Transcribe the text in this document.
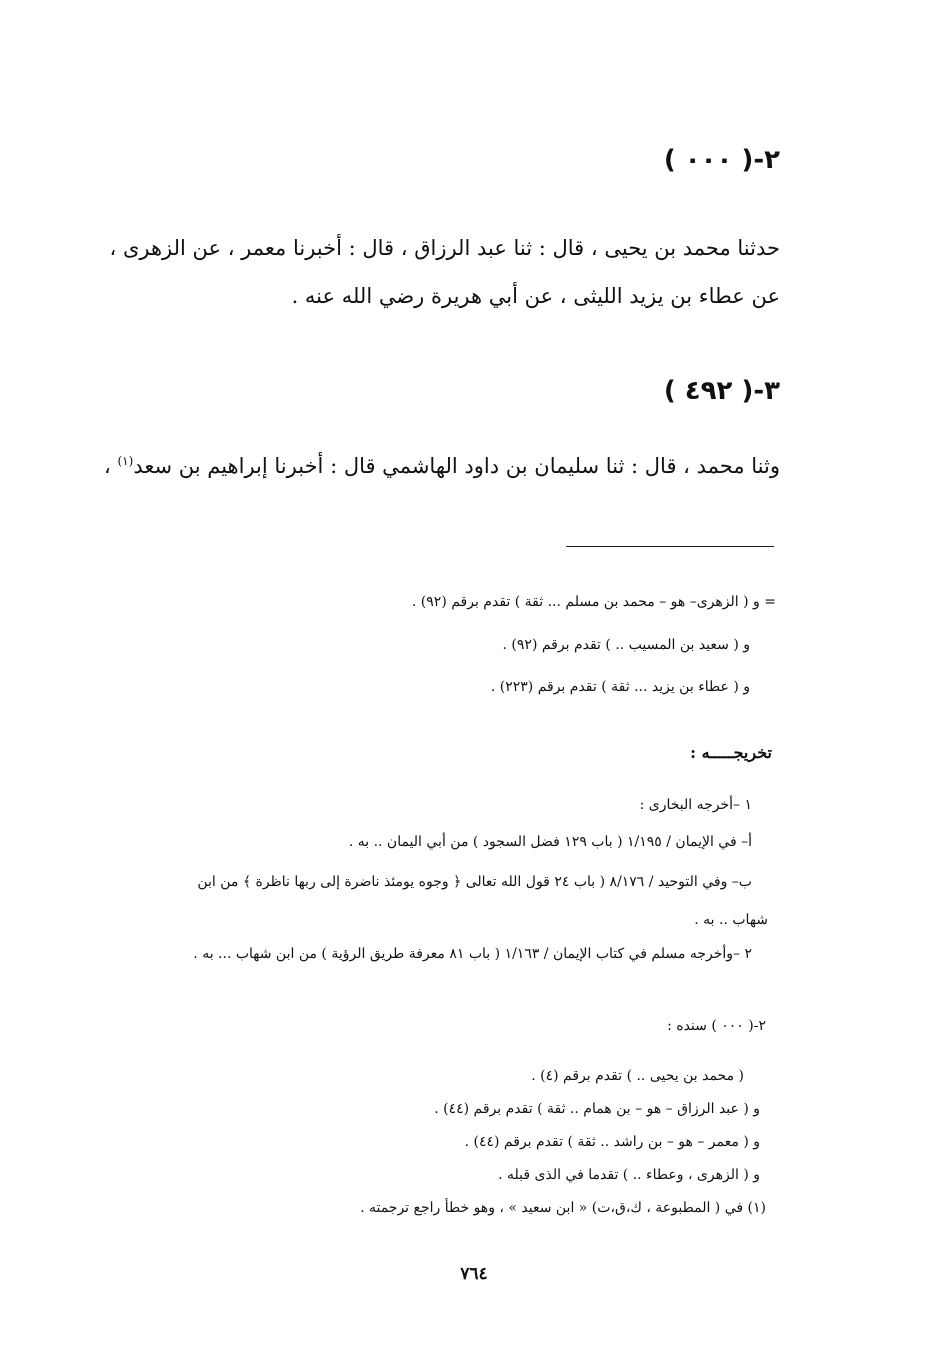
٢-( ٠٠٠ )

حدثنا محمد بن يحيى ، قال : ثنا عبد الرزاق ، قال : أخبرنا معمر ، عن الزهرى ،

عن عطاء بن يزيد الليثى ، عن أبي هريرة رضي الله عنه .

٣-( ٤٩٢ )

وثنا محمد ، قال : ثنا سليمان بن داود الهاشمي قال : أخبرنا إبراهيم بن سعد$^{(١)}$ ،

= و ( الزهرى– هو – محمد بن مسلم ... ثقة ) تقدم برقم (٩٢) .

و ( سعيد بن المسيب .. ) تقدم برقم (٩٢) .

و ( عطاء بن يزيد ... ثقة ) تقدم برقم (٢٢٣) .

تخريجـــــه :

١ –أخرجه البخارى :

أ– في الإيمان / ١/١٩٥ ( باب ١٢٩ فضل السجود ) من أبي اليمان .. به .

ب– وفي التوحيد / ٨/١٧٦ ( باب ٢٤ قول الله تعالى ﴿ وجوه يومئذ ناضرة إلى ربها ناظرة ﴾ من ابن

شهاب .. به .

٢ –وأخرجه مسلم في كتاب الإيمان / ١/١٦٣ ( باب ٨١ معرفة طريق الرؤية ) من ابن شهاب ... به .

٢-( ٠٠٠ ) سنده :

( محمد بن يحيى .. ) تقدم برقم (٤) .

و ( عبد الرزاق – هو – بن همام .. ثقة ) تقدم برقم (٤٤) .

و ( معمر – هو – بن راشد .. ثقة ) تقدم برقم (٤٤) .

و ( الزهرى ، وعطاء .. ) تقدما في الذى قبله .

(١) في ( المطبوعة ، ك،ق،ت) « ابن سعيد » ، وهو خطأ راجع ترجمته .

٧٦٤
